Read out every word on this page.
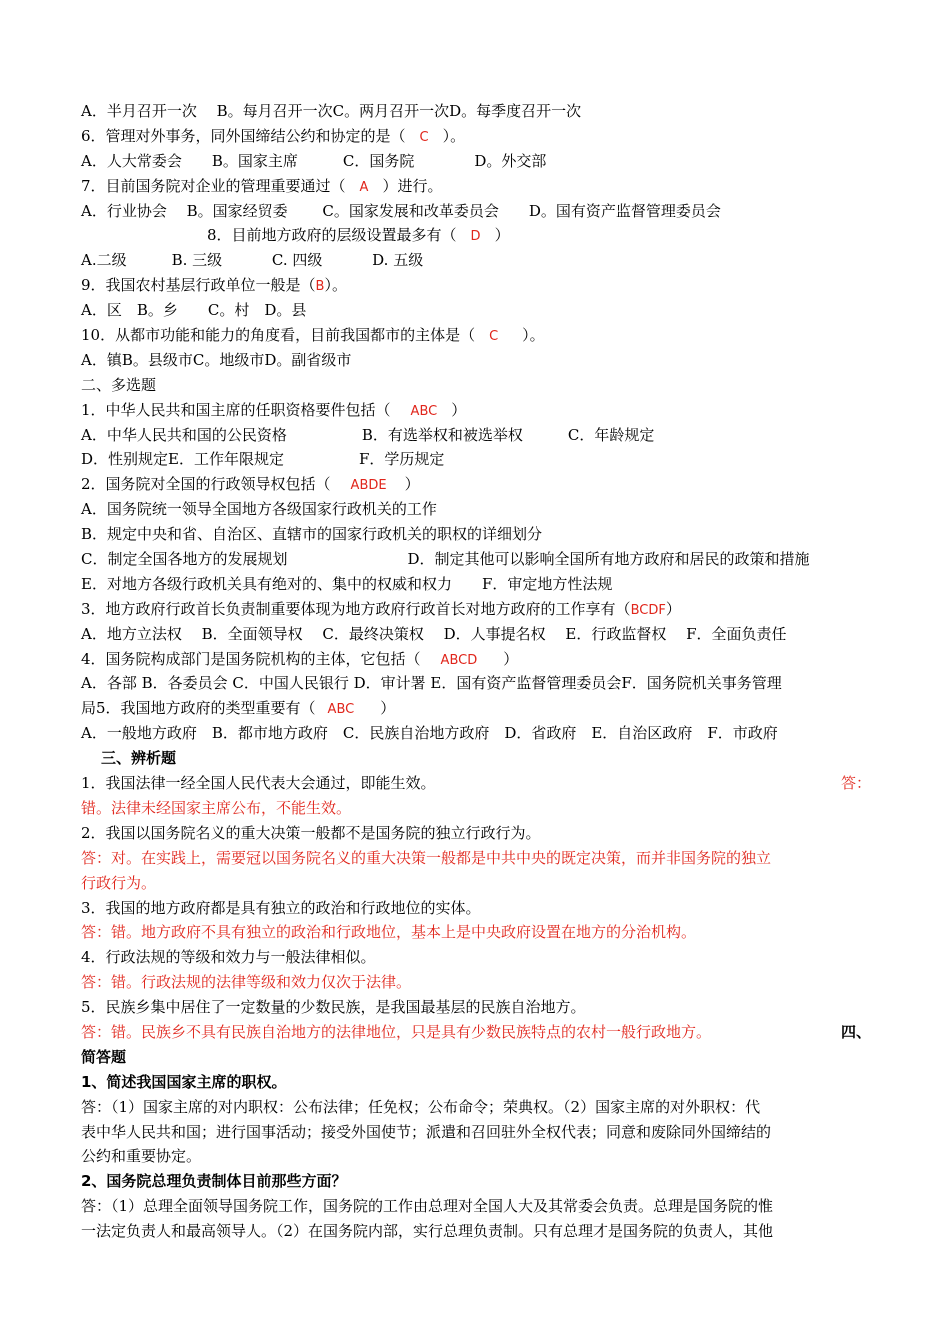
A．半月召开一次　 B。每月召开一次C。两月召开一次D。每季度召开一次
6．管理对外事务，同外国缔结公约和协定的是（ C ）。
A．人大常委会　　B。国家主席　　　C．国务院　　　　D。外交部
7．目前国务院对企业的管理重要通过（ A ）进行。
A．行业协会　 B。国家经贸委　　 C。国家发展和改革委员会　　D。国有资产监督管理委员会
8．目前地方政府的层级设置最多有（ D ）
A.二级　　　B. 三级　　　 C. 四级　　　 D. 五级
9．我国农村基层行政单位一般是（B）。
A．区　B。乡　　C。村　D。县
10．从都市功能和能力的角度看，目前我国都市的主体是（ C ）。
A．镇B。县级市C。地级市D。副省级市
二、多选题
1．中华人民共和国主席的任职资格要件包括（ ABC ）
A．中华人民共和国的公民资格　　　　　B．有选举权和被选举权　　　C．年龄规定
D．性别规定E．工作年限规定　　　　　F．学历规定
2．国务院对全国的行政领导权包括（ ABDE ）
A．国务院统一领导全国地方各级国家行政机关的工作
B．规定中央和省、自治区、直辖市的国家行政机关的职权的详细划分
C．制定全国各地方的发展规划　　　　　　　　D．制定其他可以影响全国所有地方政府和居民的政策和措施
E．对地方各级行政机关具有绝对的、集中的权威和权力　　F．审定地方性法规
3．地方政府行政首长负责制重要体现为地方政府行政首长对地方政府的工作享有（BCDF）
A．地方立法权　 B．全面领导权　 C．最终决策权　 D．人事提名权　 E．行政监督权　 F．全面负责任
4．国务院构成部门是国务院机构的主体，它包括（ ABCD ）
A．各部 B．各委员会 C．中国人民银行 D．审计署 E．国有资产监督管理委员会F．国务院机关事务管理
局5．我国地方政府的类型重要有（ ABC ）
A．一般地方政府　B．都市地方政府　C．民族自治地方政府　D．省政府　E．自治区政府　F．市政府
三、辨析题
1．我国法律一经全国人民代表大会通过，即能生效。	答：
错。法律未经国家主席公布，不能生效。
2．我国以国务院名义的重大决策一般都不是国务院的独立行政行为。
答：对。在实践上，需要冠以国务院名义的重大决策一般都是中共中央的既定决策，而并非国务院的独立
行政行为。
3．我国的地方政府都是具有独立的政治和行政地位的实体。
答：错。地方政府不具有独立的政治和行政地位，基本上是中央政府设置在地方的分治机构。
4．行政法规的等级和效力与一般法律相似。
答：错。行政法规的法律等级和效力仅次于法律。
5．民族乡集中居住了一定数量的少数民族，是我国最基层的民族自治地方。
答：错。民族乡不具有民族自治地方的法律地位，只是具有少数民族特点的农村一般行政地方。	四、
简答题
1、简述我国国家主席的职权。
答：（1）国家主席的对内职权：公布法律；任免权；公布命令；荣典权。（2）国家主席的对外职权：代
表中华人民共和国；进行国事活动；接受外国使节；派遣和召回驻外全权代表；同意和废除同外国缔结的
公约和重要协定。
2、国务院总理负责制体目前那些方面？
答：（1）总理全面领导国务院工作，国务院的工作由总理对全国人大及其常委会负责。总理是国务院的惟
一法定负责人和最高领导人。（2）在国务院内部，实行总理负责制。只有总理才是国务院的负责人，其他
